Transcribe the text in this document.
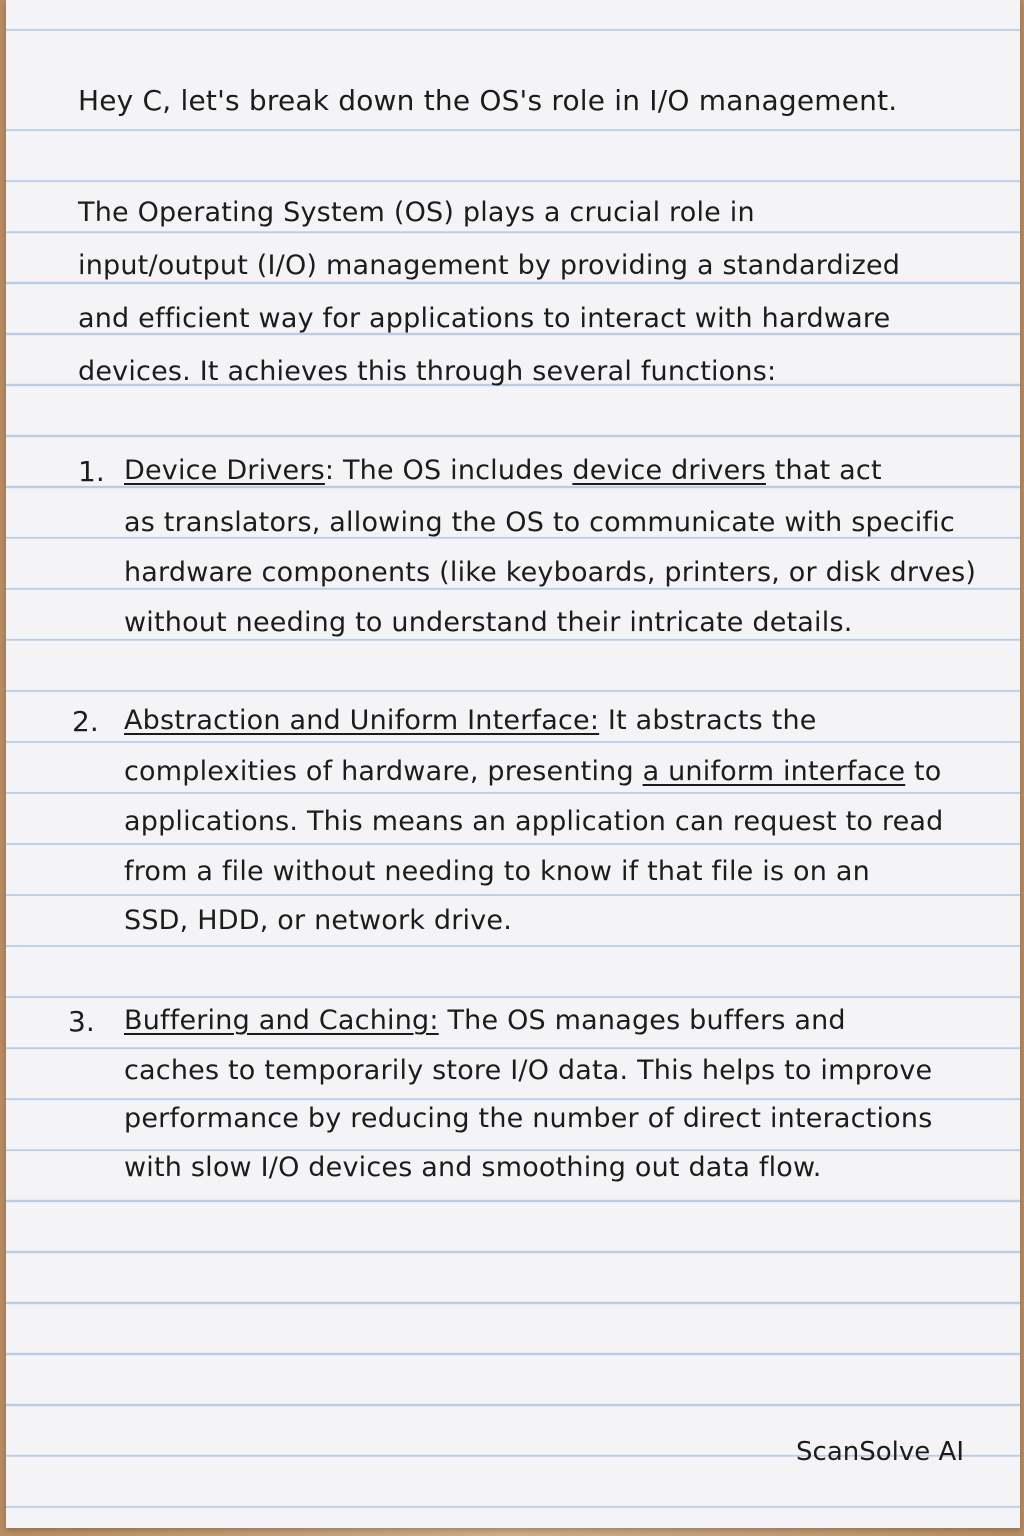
Hey C, let's break down the OS's role in I/O management.
The Operating System (OS) plays a crucial role in
input/output (I/O) management by providing a standardized
and efficient way for applications to interact with hardware
devices. It achieves this through several functions:
1. Device Drivers: The OS includes device drivers that act
as translators, allowing the OS to communicate with specific
hardware components (like keyboards, printers, or disk drves)
without needing to understand their intricate details.
2. Abstraction and Uniform Interface: It abstracts the
complexities of hardware, presenting a uniform interface to
applications. This means an application can request to read
from a file without needing to know if that file is on an
SSD, HDD, or network drive.
3. Buffering and Caching: The OS manages buffers and
caches to temporarily store I/O data. This helps to improve
performance by reducing the number of direct interactions
with slow I/O devices and smoothing out data flow.
ScanSolve AI
